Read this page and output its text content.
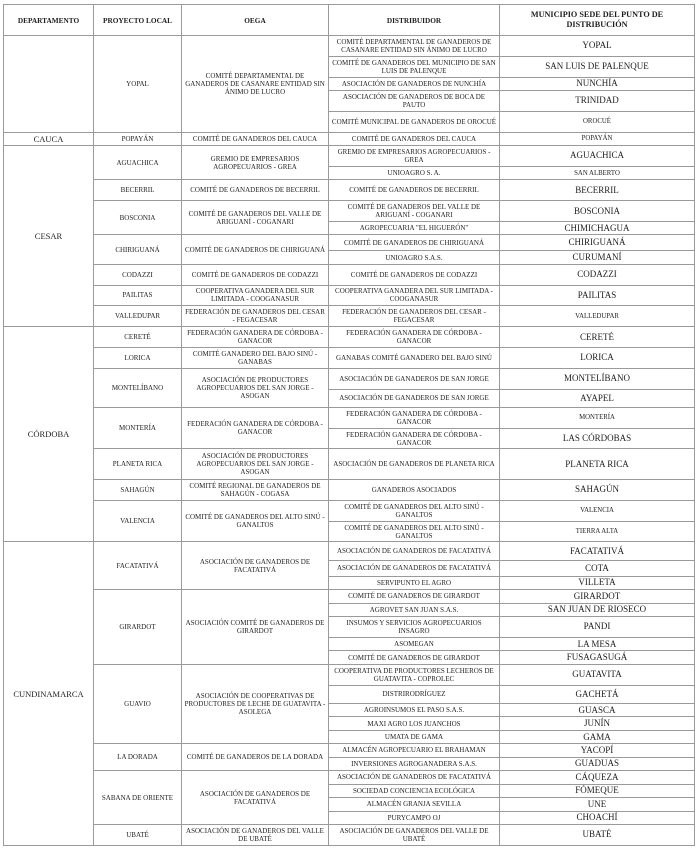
DEPARTAMENTO	PROYECTO LOCAL	OEGA	DISTRIBUIDOR	MUNICIPIO SEDE DEL PUNTO DE DISTRIBUCIÓN
	YOPAL	COMITÉ DEPARTAMENTAL DE GANADEROS DE CASANARE ENTIDAD SIN ÁNIMO DE LUCRO	COMITÉ DEPARTAMENTAL DE GANADEROS DE CASANARE ENTIDAD SIN ÁNIMO DE LUCRO	YOPAL
			COMITÉ DE GANADEROS DEL MUNICIPIO DE SAN LUIS DE PALENQUE	SAN LUIS DE PALENQUE
			ASOCIACIÓN DE GANADEROS DE NUNCHÍA	NUNCHÍA
			ASOCIACIÓN DE GANADEROS DE BOCA DE PAUTO	TRINIDAD
			COMITÉ MUNICIPAL DE GANADEROS DE OROCUÉ	OROCUÉ
CAUCA	POPAYÁN	COMITÉ DE GANADEROS DEL CAUCA	COMITÉ DE GANADEROS DEL CAUCA	POPAYÁN
CESAR	AGUACHICA	GREMIO DE EMPRESARIOS AGROPECUARIOS - GREA	GREMIO DE EMPRESARIOS AGROPECUARIOS - GREA	AGUACHICA
			UNIOAGRO S. A.	SAN ALBERTO
	BECERRIL	COMITÉ DE GANADEROS DE BECERRIL	COMITÉ DE GANADEROS DE BECERRIL	BECERRIL
	BOSCONIA	COMITÉ DE GANADEROS DEL VALLE DE ARIGUANÍ - COGANARI	COMITÉ DE GANADEROS DEL VALLE DE ARIGUANÍ - COGANARI	BOSCONIA
			AGROPECUARIA "EL HIGUERÓN"	CHIMICHAGUA
	CHIRIGUANÁ	COMITÉ DE GANADEROS DE CHIRIGUANÁ	COMITÉ DE GANADEROS DE CHIRIGUANÁ	CHIRIGUANÁ
			UNIOAGRO S.A.S.	CURUMANÍ
	CODAZZI	COMITÉ DE GANADEROS DE CODAZZI	COMITÉ DE GANADEROS DE CODAZZI	CODAZZI
	PAILITAS	COOPERATIVA GANADERA DEL SUR LIMITADA - COOGANASUR	COOPERATIVA GANADERA DEL SUR LIMITADA - COOGANASUR	PAILITAS
	VALLEDUPAR	FEDERACIÓN DE GANADEROS DEL CESAR - FEGACESAR	FEDERACIÓN DE GANADEROS DEL CESAR - FEGACESAR	VALLEDUPAR
CÓRDOBA	CERETÉ	FEDERACIÓN GANADERA DE CÓRDOBA - GANACOR	FEDERACIÓN GANADERA DE CÓRDOBA - GANACOR	CERETÉ
	LORICA	COMITÉ GANADERO DEL BAJO SINÚ - GANABAS	GANABAS COMITÉ GANADERO DEL BAJO SINÚ	LORICA
	MONTELÍBANO	ASOCIACIÓN DE PRODUCTORES AGROPECUARIOS DEL SAN JORGE - ASOGAN	ASOCIACIÓN DE GANADEROS DE SAN JORGE	MONTELÍBANO
			ASOCIACIÓN DE GANADEROS DE SAN JORGE	AYAPEL
	MONTERÍA	FEDERACIÓN GANADERA DE CÓRDOBA - GANACOR	FEDERACIÓN GANADERA DE CÓRDOBA - GANACOR	MONTERÍA
			FEDERACIÓN GANADERA DE CÓRDOBA - GANACOR	LAS CÓRDOBAS
	PLANETA RICA	ASOCIACIÓN DE PRODUCTORES AGROPECUARIOS DEL SAN JORGE - ASOGAN	ASOCIACIÓN DE GANADEROS DE PLANETA RICA	PLANETA RICA
	SAHAGÚN	COMITÉ REGIONAL DE GANADEROS DE SAHAGÚN - COGASA	GANADEROS ASOCIADOS	SAHAGÚN
	VALENCIA	COMITÉ DE GANADEROS DEL ALTO SINÚ - GANALTOS	COMITÉ DE GANADEROS DEL ALTO SINÚ - GANALTOS	VALENCIA
			COMITÉ DE GANADEROS DEL ALTO SINÚ - GANALTOS	TIERRA ALTA
CUNDINAMARCA	FACATATIVÁ	ASOCIACIÓN DE GANADEROS DE FACATATIVÁ	ASOCIACIÓN DE GANADEROS DE FACATATIVÁ	FACATATIVÁ
			ASOCIACIÓN DE GANADEROS DE FACATATIVÁ	COTA
			SERVIPUNTO EL AGRO	VILLETA
	GIRARDOT	ASOCIACIÓN COMITÉ DE GANADEROS DE GIRARDOT	COMITÉ DE GANADEROS DE GIRARDOT	GIRARDOT
			AGROVET SAN JUAN S.A.S.	SAN JUAN DE RIOSECO
			INSUMOS Y SERVICIOS AGROPECUARIOS INSAGRO	PANDI
			ASOMEGAN	LA MESA
			COMITÉ DE GANADEROS DE GIRARDOT	FUSAGASUGÁ
	GUAVIO	ASOCIACIÓN DE COOPERATIVAS DE PRODUCTORES DE LECHE DE GUATAVITA - ASOLEGA	COOPERATIVA DE PRODUCTORES LECHEROS DE GUATAVITA - COPROLEC	GUATAVITA
			DISTRIRODRÍGUEZ	GACHETÁ
			AGROINSUMOS EL PASO S.A.S.	GUASCA
			MAXI AGRO LOS JUANCHOS	JUNÍN
			UMATA DE GAMA	GAMA
	LA DORADA	COMITÉ DE GANADEROS DE LA DORADA	ALMACÉN AGROPECUARIO EL BRAHAMAN	YACOPÍ
			INVERSIONES AGROGANADERA S.A.S.	GUADUAS
	SABANA DE ORIENTE	ASOCIACIÓN DE GANADEROS DE FACATATIVÁ	ASOCIACIÓN DE GANADEROS DE FACATATIVÁ	CÁQUEZA
			SOCIEDAD CONCIENCIA ECOLÓGICA	FÓMEQUE
			ALMACÉN GRANJA SEVILLA	UNE
			PURYCAMPO OJ	CHOACHÍ
	UBATÉ	ASOCIACIÓN DE GANADEROS DEL VALLE DE UBATÉ	ASOCIACIÓN DE GANADEROS DEL VALLE DE UBATÉ	UBATÉ
